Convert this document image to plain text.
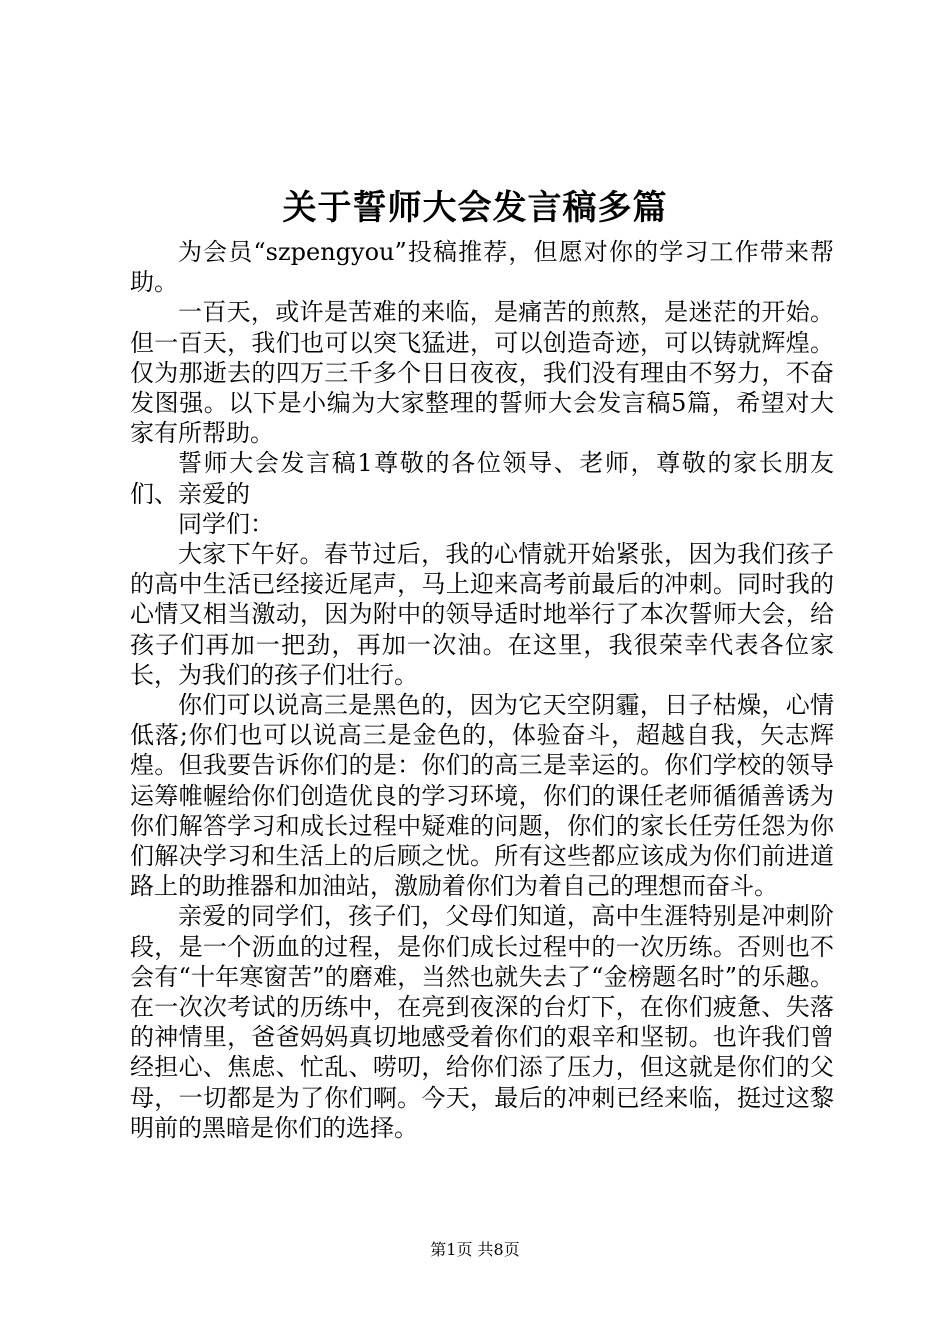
关于誓师大会发言稿多篇

为会员“szpengyou”投稿推荐，但愿对你的学习工作带来帮助。

一百天，或许是苦难的来临，是痛苦的煎熬，是迷茫的开始。但一百天，我们也可以突飞猛进，可以创造奇迹，可以铸就辉煌。仅为那逝去的四万三千多个日日夜夜，我们没有理由不努力，不奋发图强。以下是小编为大家整理的誓师大会发言稿5篇，希望对大家有所帮助。

誓师大会发言稿1尊敬的各位领导、老师，尊敬的家长朋友们、亲爱的

同学们：

大家下午好。春节过后，我的心情就开始紧张，因为我们孩子的高中生活已经接近尾声，马上迎来高考前最后的冲刺。同时我的心情又相当激动，因为附中的领导适时地举行了本次誓师大会，给孩子们再加一把劲，再加一次油。在这里，我很荣幸代表各位家长，为我们的孩子们壮行。

你们可以说高三是黑色的，因为它天空阴霾，日子枯燥，心情低落;你们也可以说高三是金色的，体验奋斗，超越自我，矢志辉煌。但我要告诉你们的是：你们的高三是幸运的。你们学校的领导运筹帷幄给你们创造优良的学习环境，你们的课任老师循循善诱为你们解答学习和成长过程中疑难的问题，你们的家长任劳任怨为你们解决学习和生活上的后顾之忧。所有这些都应该成为你们前进道路上的助推器和加油站，激励着你们为着自己的理想而奋斗。

亲爱的同学们，孩子们，父母们知道，高中生涯特别是冲刺阶段，是一个沥血的过程，是你们成长过程中的一次历练。否则也不会有“十年寒窗苦”的磨难，当然也就失去了“金榜题名时”的乐趣。在一次次考试的历练中，在亮到夜深的台灯下，在你们疲惫、失落的神情里，爸爸妈妈真切地感受着你们的艰辛和坚韧。也许我们曾经担心、焦虑、忙乱、唠叨，给你们添了压力，但这就是你们的父母，一切都是为了你们啊。今天，最后的冲刺已经来临，挺过这黎明前的黑暗是你们的选择。

第1页 共8页
